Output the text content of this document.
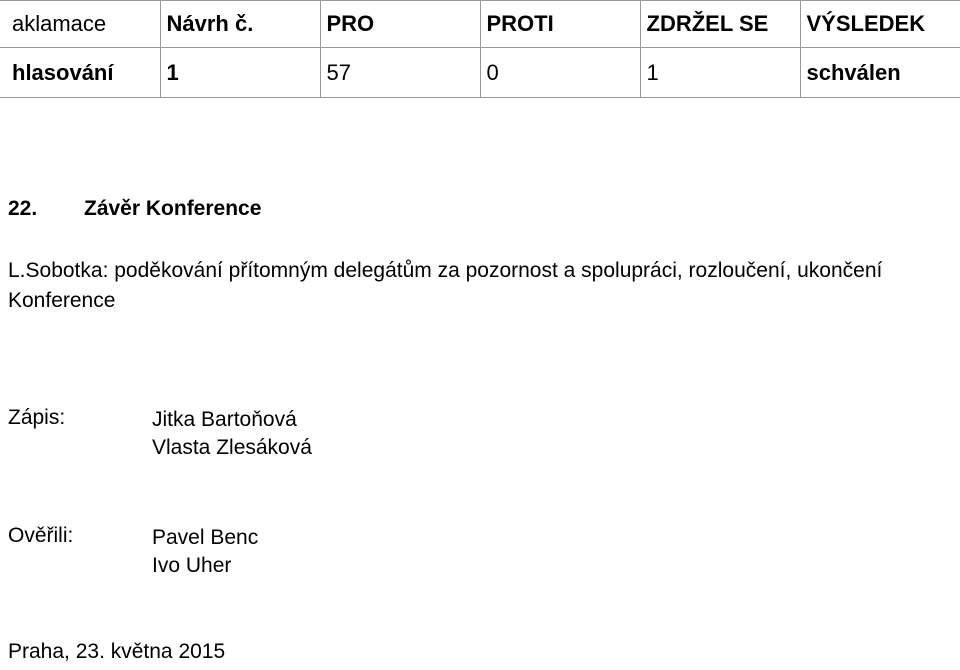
aklamace	Návrh č.	PRO	PROTI	ZDRŽEL SE	VÝSLEDEK
hlasování	1	57	0	1	schválen
22. Závěr Konference
L.Sobotka: poděkování přítomným delegátům za pozornost a spolupráci, rozloučení, ukončení Konference
Zápis:	Jitka Bartoňová
Vlasta Zlesáková
Ověřili:	Pavel Benc
Ivo Uher
Praha, 23. května 2015
